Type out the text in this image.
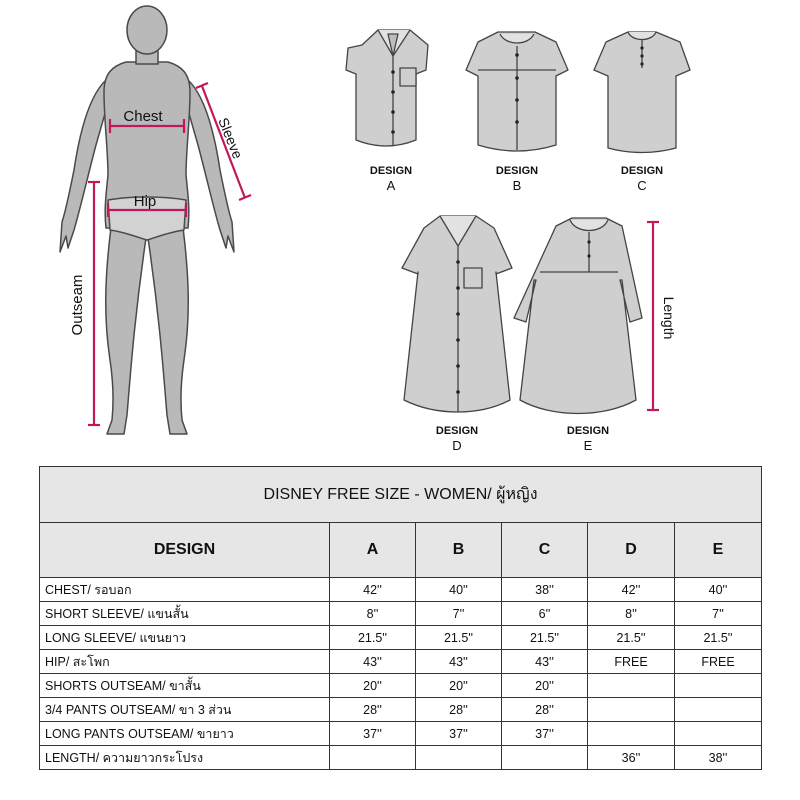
Chest
Hip
Sleeve
Outseam
DESIGN
A
DESIGN
B
DESIGN
C
DESIGN
D
DESIGN
E
Length
DISNEY FREE SIZE - WOMEN/ ผู้หญิง					
DESIGN	A	B	C	D	E
CHEST/ รอบอก	42''	40''	38''	42''	40''
SHORT SLEEVE/ แขนสั้น	8''	7''	6''	8''	7''
LONG SLEEVE/ แขนยาว	21.5''	21.5''	21.5''	21.5''	21.5''
HIP/ สะโพก	43''	43''	43''	FREE	FREE
SHORTS OUTSEAM/ ขาสั้น	20''	20''	20''		
3/4 PANTS OUTSEAM/ ขา 3 ส่วน	28''	28''	28''		
LONG PANTS OUTSEAM/ ขายาว	37''	37''	37''		
LENGTH/ ความยาวกระโปรง				36''	38''
